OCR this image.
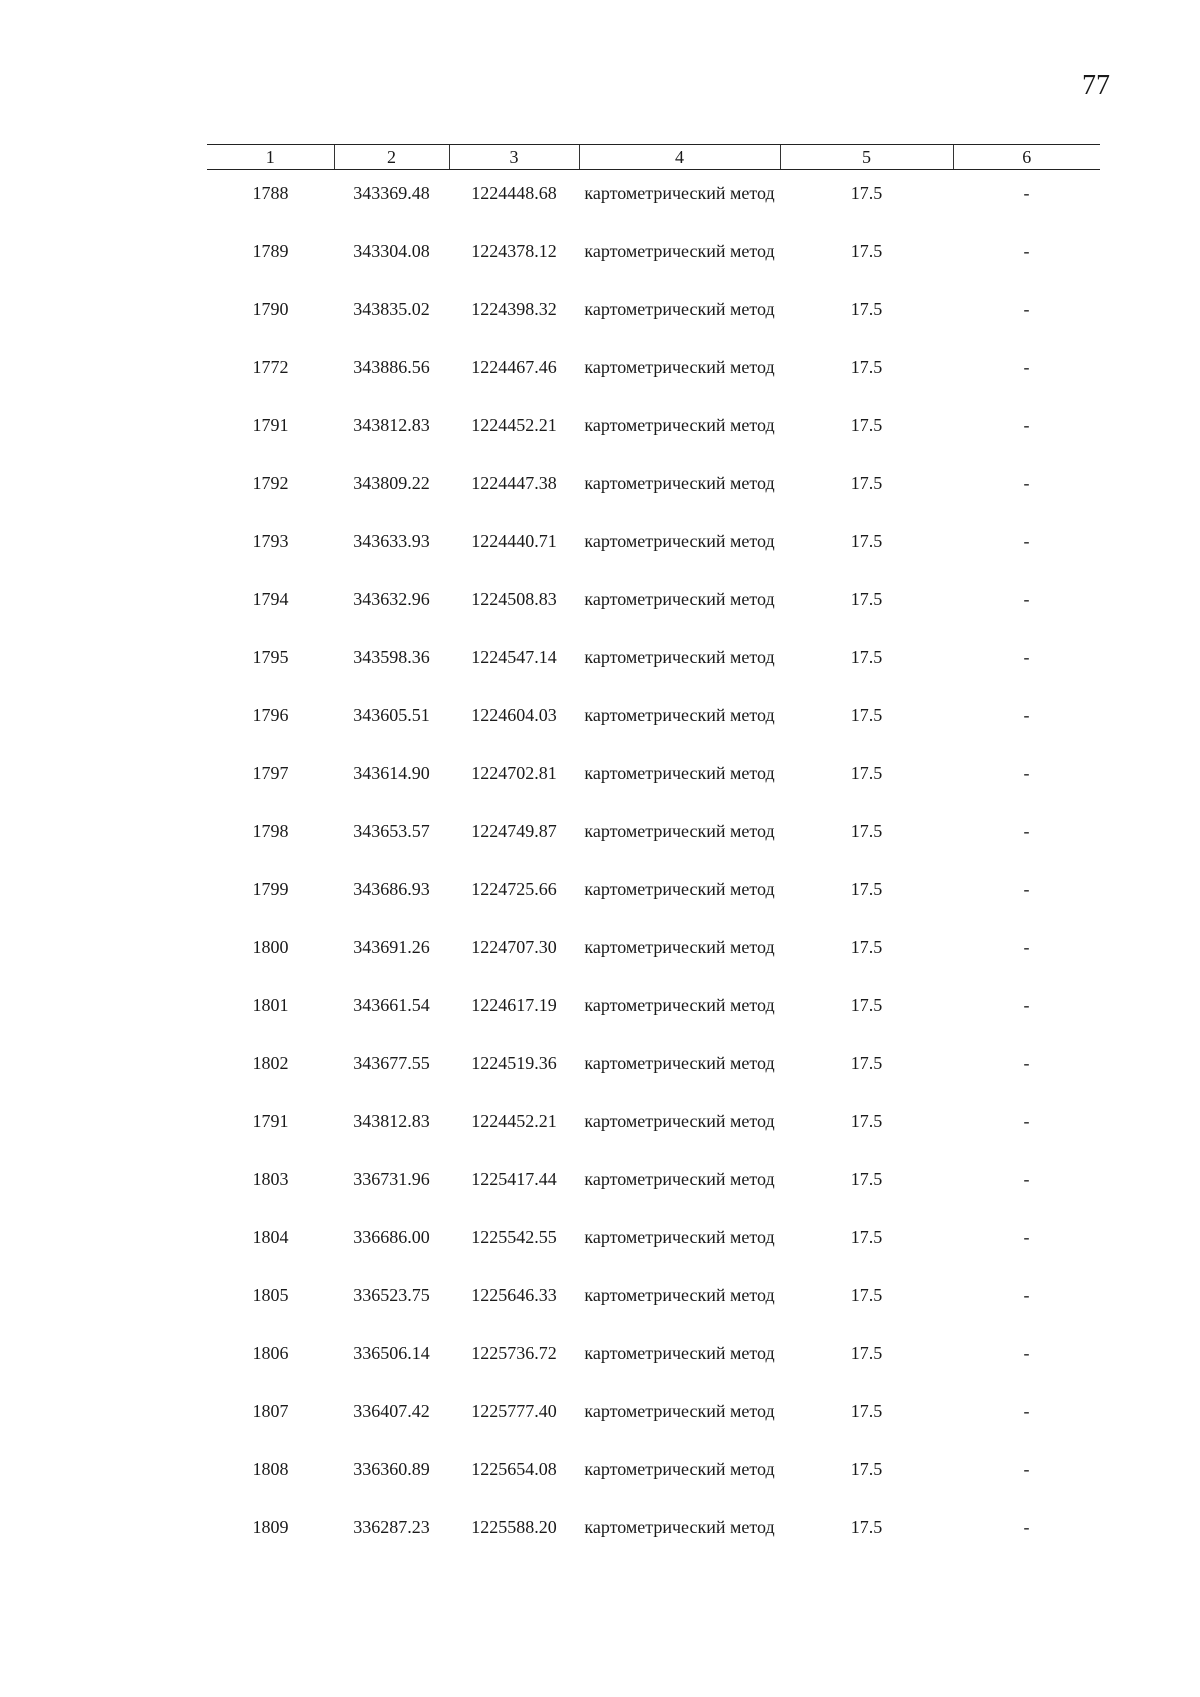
77
1	2	3	4	5	6
1788	343369.48	1224448.68	картометрический метод	17.5	-
1789	343304.08	1224378.12	картометрический метод	17.5	-
1790	343835.02	1224398.32	картометрический метод	17.5	-
1772	343886.56	1224467.46	картометрический метод	17.5	-
1791	343812.83	1224452.21	картометрический метод	17.5	-
1792	343809.22	1224447.38	картометрический метод	17.5	-
1793	343633.93	1224440.71	картометрический метод	17.5	-
1794	343632.96	1224508.83	картометрический метод	17.5	-
1795	343598.36	1224547.14	картометрический метод	17.5	-
1796	343605.51	1224604.03	картометрический метод	17.5	-
1797	343614.90	1224702.81	картометрический метод	17.5	-
1798	343653.57	1224749.87	картометрический метод	17.5	-
1799	343686.93	1224725.66	картометрический метод	17.5	-
1800	343691.26	1224707.30	картометрический метод	17.5	-
1801	343661.54	1224617.19	картометрический метод	17.5	-
1802	343677.55	1224519.36	картометрический метод	17.5	-
1791	343812.83	1224452.21	картометрический метод	17.5	-
1803	336731.96	1225417.44	картометрический метод	17.5	-
1804	336686.00	1225542.55	картометрический метод	17.5	-
1805	336523.75	1225646.33	картометрический метод	17.5	-
1806	336506.14	1225736.72	картометрический метод	17.5	-
1807	336407.42	1225777.40	картометрический метод	17.5	-
1808	336360.89	1225654.08	картометрический метод	17.5	-
1809	336287.23	1225588.20	картометрический метод	17.5	-
